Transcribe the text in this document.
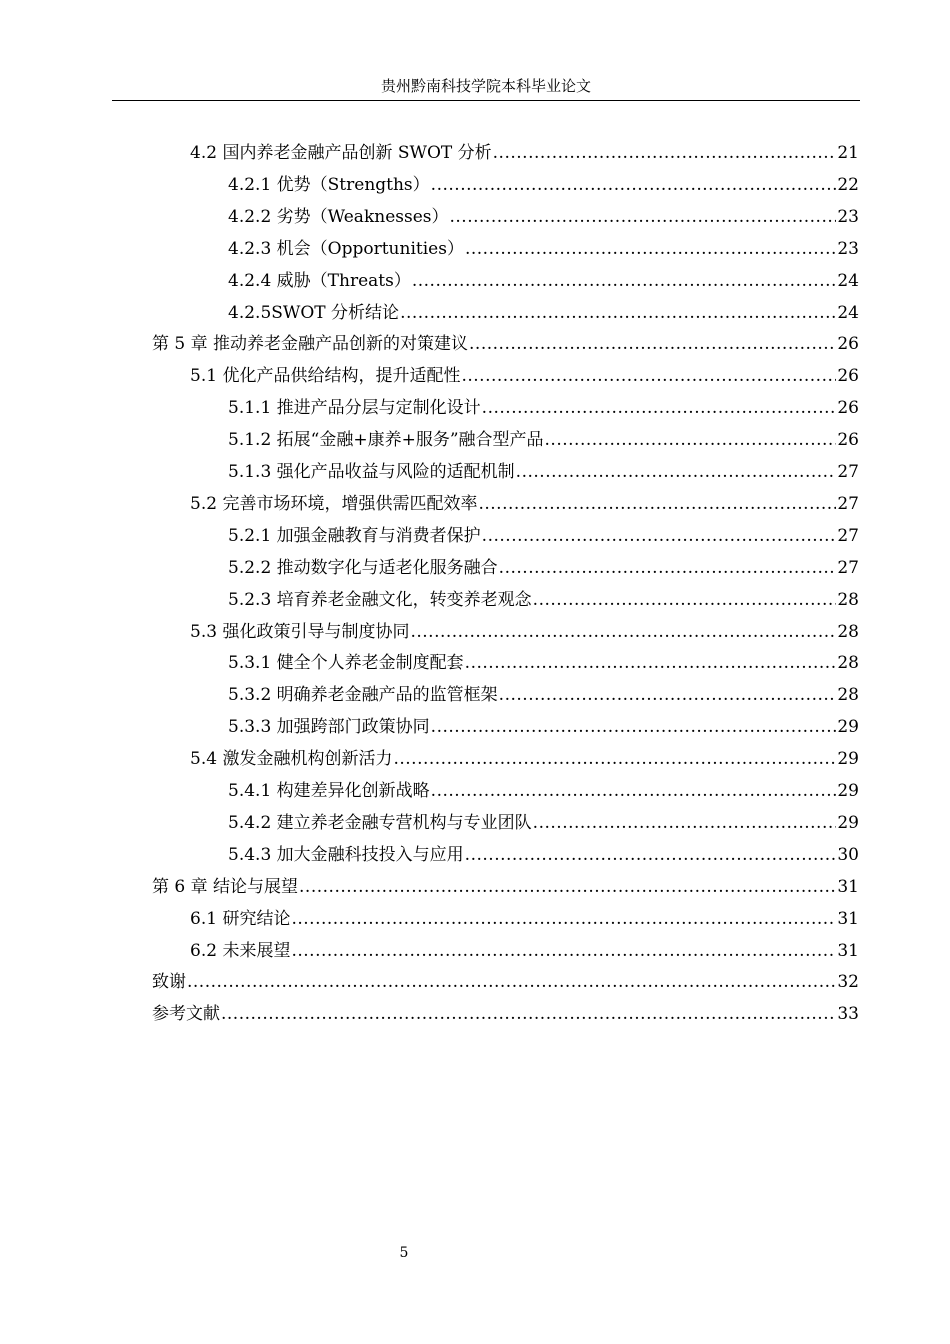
贵州黔南科技学院本科毕业论文
4.2 国内养老金融产品创新 SWOT 分析 .....	21
4.2.1 优势（Strengths） .....	22
4.2.2 劣势（Weaknesses） .....	23
4.2.3 机会（Opportunities） .....	23
4.2.4 威胁（Threats） .....	24
4.2.5SWOT 分析结论 .....	24
第 5 章 推动养老金融产品创新的对策建议 .....	26
5.1 优化产品供给结构，提升适配性 .....	26
5.1.1 推进产品分层与定制化设计 .....	26
5.1.2 拓展“金融+康养+服务”融合型产品 .....	26
5.1.3 强化产品收益与风险的适配机制 .....	27
5.2 完善市场环境，增强供需匹配效率 .....	27
5.2.1 加强金融教育与消费者保护 .....	27
5.2.2 推动数字化与适老化服务融合 .....	27
5.2.3 培育养老金融文化，转变养老观念 .....	28
5.3 强化政策引导与制度协同 .....	28
5.3.1 健全个人养老金制度配套 .....	28
5.3.2 明确养老金融产品的监管框架 .....	28
5.3.3 加强跨部门政策协同 .....	29
5.4 激发金融机构创新活力 .....	29
5.4.1 构建差异化创新战略 .....	29
5.4.2 建立养老金融专营机构与专业团队 .....	29
5.4.3 加大金融科技投入与应用 .....	30
第 6 章 结论与展望 .....	31
6.1 研究结论 .....	31
6.2 未来展望 .....	31
致谢 .....	32
参考文献 .....	33
5
